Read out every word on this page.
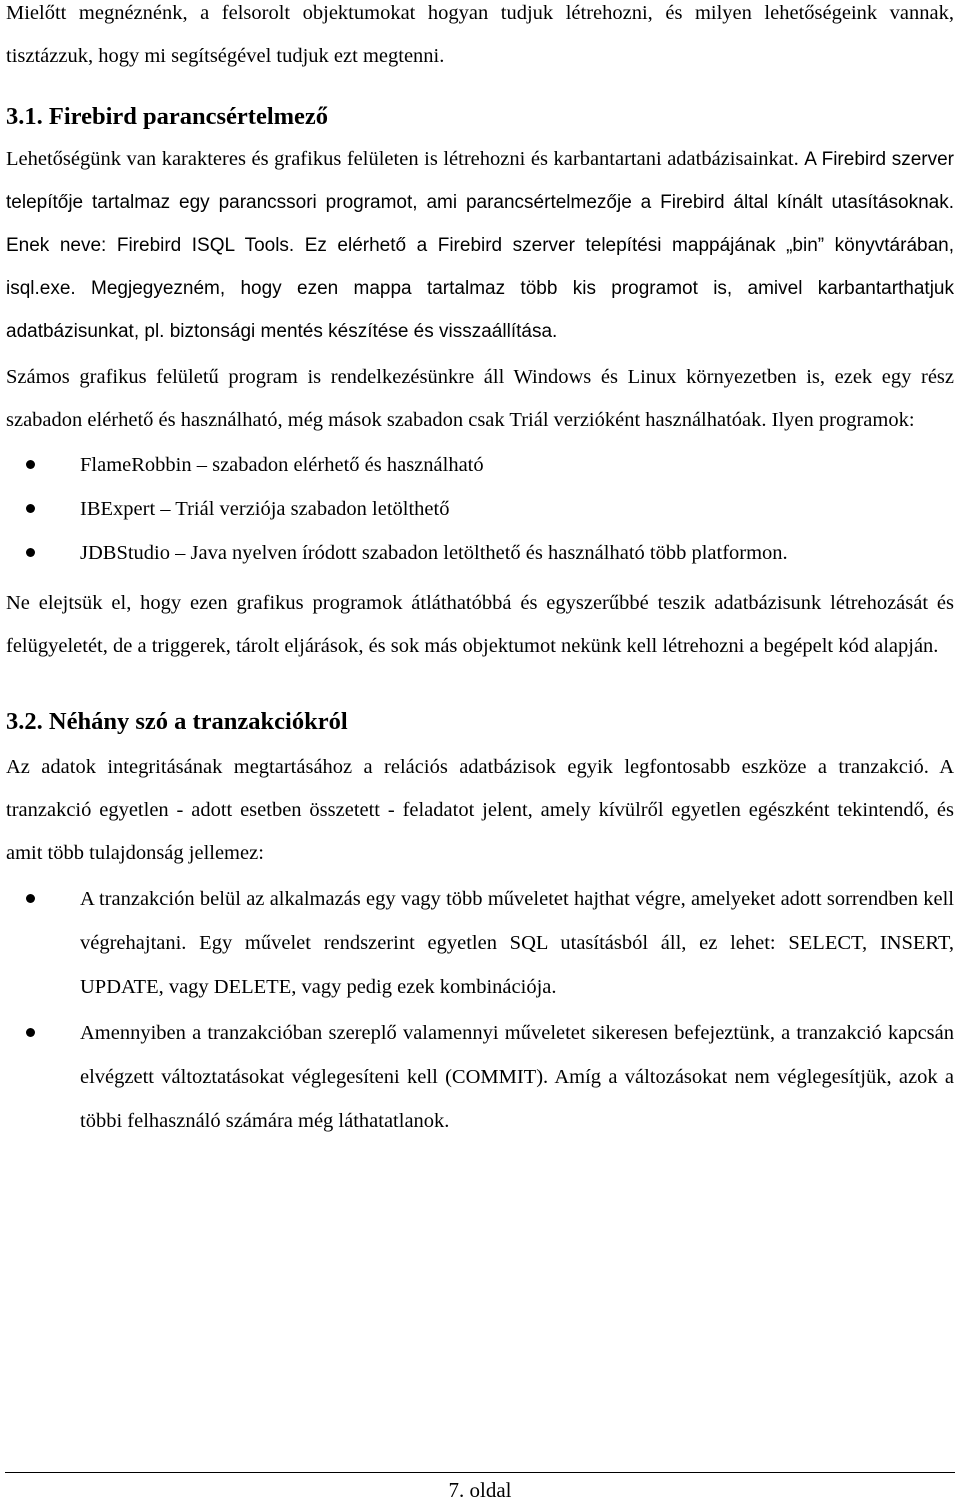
Mielőtt megnéznénk, a felsorolt objektumokat hogyan tudjuk létrehozni, és milyen lehetőségeink vannak, tisztázzuk, hogy mi segítségével tudjuk ezt megtenni.

3.1. Firebird parancsértelmező

Lehetőségünk van karakteres és grafikus felületen is létrehozni és karbantartani adatbázisainkat. A Firebird szerver telepítője tartalmaz egy parancssori programot, ami parancsértelmezője a Firebird által kínált utasításoknak. Enek neve: Firebird ISQL Tools. Ez elérhető a Firebird szerver telepítési mappájának „bin” könyvtárában, isql.exe. Megjegyezném, hogy ezen mappa tartalmaz több kis programot is, amivel karbantarthatjuk adatbázisunkat, pl. biztonsági mentés készítése és visszaállítása.

Számos grafikus felületű program is rendelkezésünkre áll Windows és Linux környezetben is, ezek egy rész szabadon elérhető és használható, még mások szabadon csak Triál verzióként használhatóak. Ilyen programok:

FlameRobbin – szabadon elérhető és használható
IBExpert – Triál verziója szabadon letölthető
JDBStudio – Java nyelven íródott szabadon letölthető és használható több platformon.

Ne elejtsük el, hogy ezen grafikus programok átláthatóbbá és egyszerűbbé teszik adatbázisunk létrehozását és felügyeletét, de a triggerek, tárolt eljárások, és sok más objektumot nekünk kell létrehozni a begépelt kód alapján.

3.2. Néhány szó a tranzakciókról

Az adatok integritásának megtartásához a relációs adatbázisok egyik legfontosabb eszköze a tranzakció. A tranzakció egyetlen - adott esetben összetett - feladatot jelent, amely kívülről egyetlen egészként tekintendő, és amit több tulajdonság jellemez:

A tranzakción belül az alkalmazás egy vagy több műveletet hajthat végre, amelyeket adott sorrendben kell végrehajtani. Egy művelet rendszerint egyetlen SQL utasításból áll, ez lehet: SELECT, INSERT, UPDATE, vagy DELETE, vagy pedig ezek kombinációja.
Amennyiben a tranzakcióban szereplő valamennyi műveletet sikeresen befejeztünk, a tranzakció kapcsán elvégzett változtatásokat véglegesíteni kell (COMMIT). Amíg a változásokat nem véglegesítjük, azok a többi felhasználó számára még láthatatlanok.
7. oldal
